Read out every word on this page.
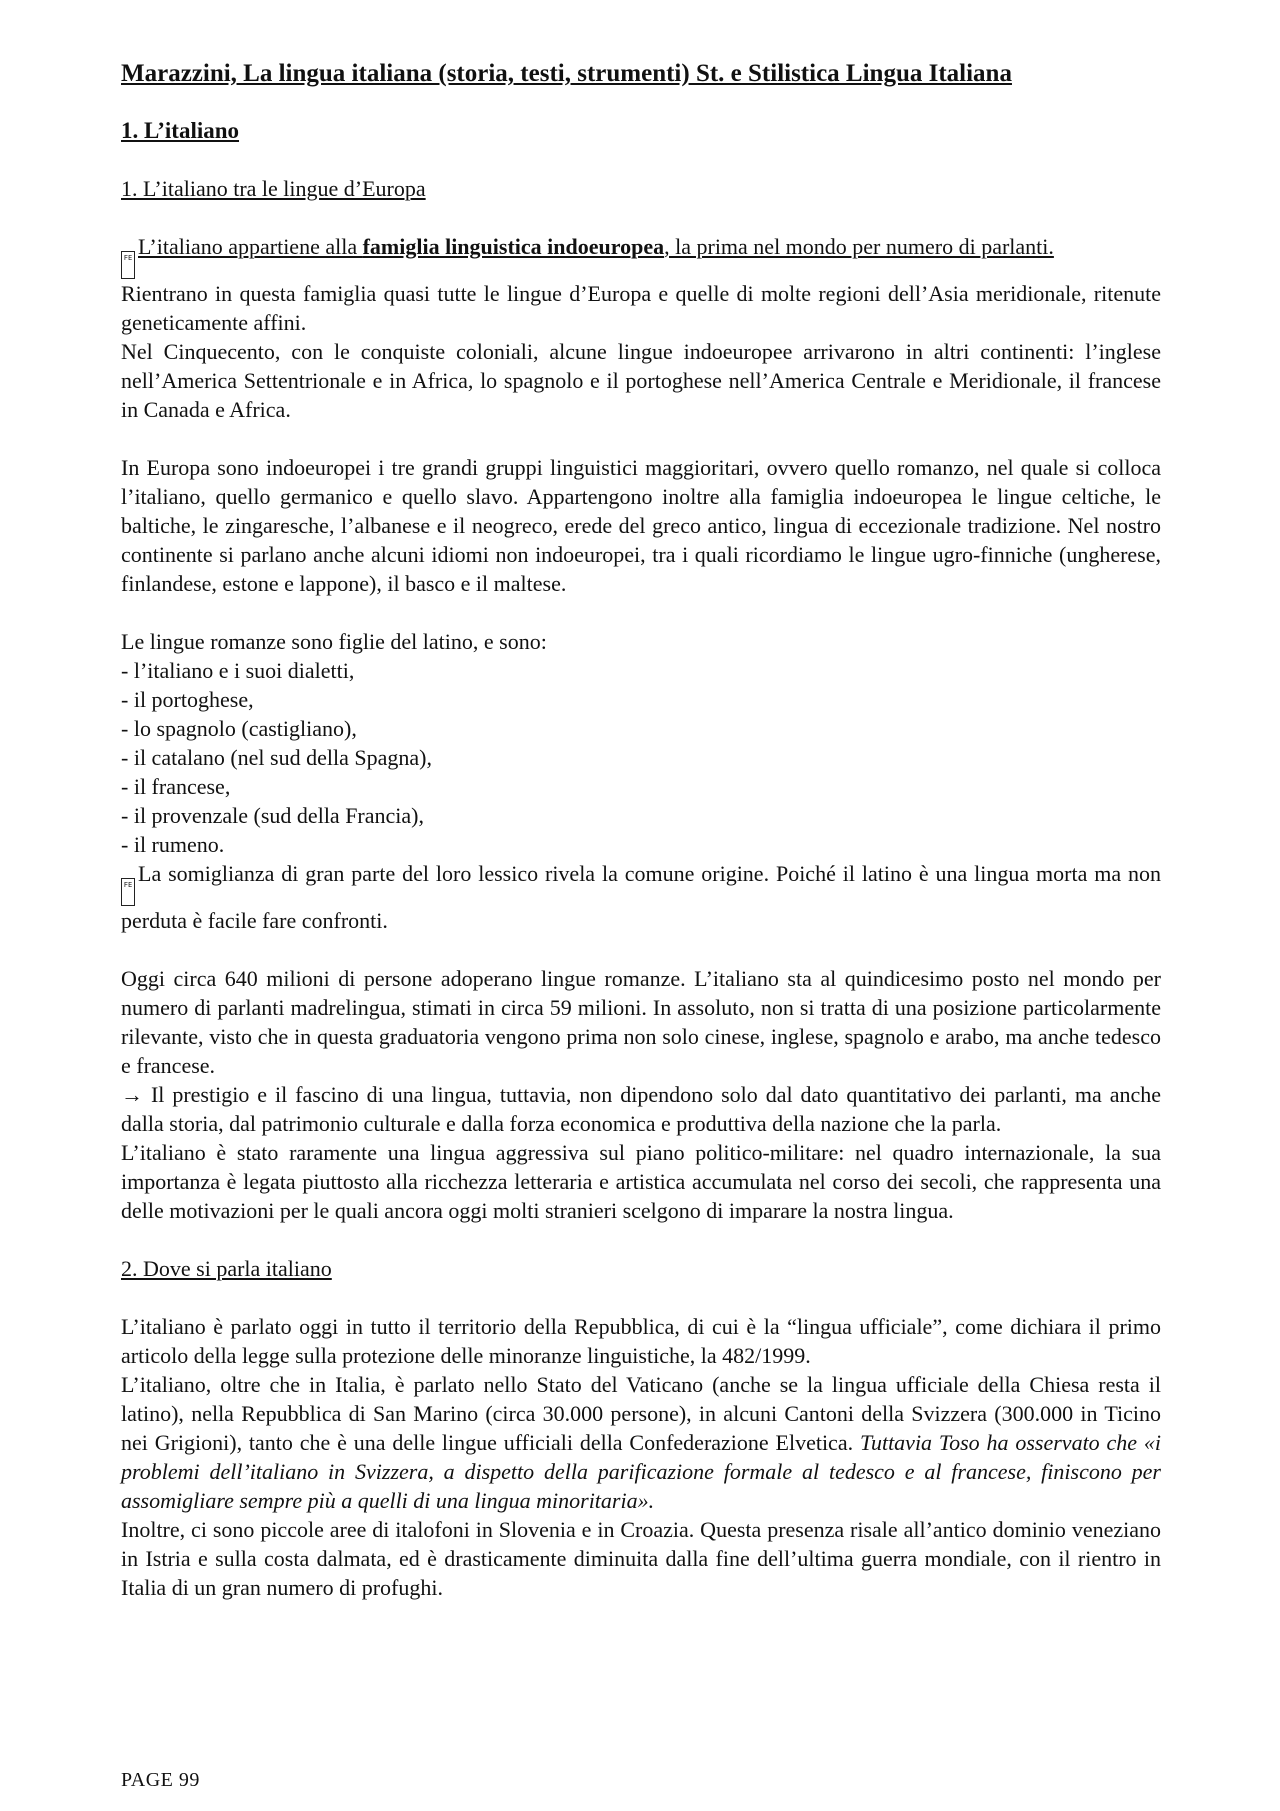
Marazzini, La lingua italiana (storia, testi, strumenti) St. e Stilistica Lingua Italiana
1. L’italiano
1. L’italiano tra le lingue d’Europa

FE L’italiano appartiene alla famiglia linguistica indoeuropea, la prima nel mondo per numero di parlanti.

Rientrano in questa famiglia quasi tutte le lingue d’Europa e quelle di molte regioni dell’Asia meridionale, ritenute geneticamente affini.

Nel Cinquecento, con le conquiste coloniali, alcune lingue indoeuropee arrivarono in altri continenti: l’inglese nell’America Settentrionale e in Africa, lo spagnolo e il portoghese nell’America Centrale e Meridionale, il francese in Canada e Africa.

In Europa sono indoeuropei i tre grandi gruppi linguistici maggioritari, ovvero quello romanzo, nel quale si colloca l’italiano, quello germanico e quello slavo. Appartengono inoltre alla famiglia indoeuropea le lingue celtiche, le baltiche, le zingaresche, l’albanese e il neogreco, erede del greco antico, lingua di eccezionale tradizione. Nel nostro continente si parlano anche alcuni idiomi non indoeuropei, tra i quali ricordiamo le lingue ugro-finniche (ungherese, finlandese, estone e lappone), il basco e il maltese.

Le lingue romanze sono figlie del latino, e sono:

- l’italiano e i suoi dialetti,
- il portoghese,
- lo spagnolo (castigliano),
- il catalano (nel sud della Spagna),
- il francese,
- il provenzale (sud della Francia),
- il rumeno.

FE La somiglianza di gran parte del loro lessico rivela la comune origine. Poiché il latino è una lingua morta ma non perduta è facile fare confronti.

Oggi circa 640 milioni di persone adoperano lingue romanze. L’italiano sta al quindicesimo posto nel mondo per numero di parlanti madrelingua, stimati in circa 59 milioni. In assoluto, non si tratta di una posizione particolarmente rilevante, visto che in questa graduatoria vengono prima non solo cinese, inglese, spagnolo e arabo, ma anche tedesco e francese.

→ Il prestigio e il fascino di una lingua, tuttavia, non dipendono solo dal dato quantitativo dei parlanti, ma anche dalla storia, dal patrimonio culturale e dalla forza economica e produttiva della nazione che la parla.

L’italiano è stato raramente una lingua aggressiva sul piano politico-militare: nel quadro internazionale, la sua importanza è legata piuttosto alla ricchezza letteraria e artistica accumulata nel corso dei secoli, che rappresenta una delle motivazioni per le quali ancora oggi molti stranieri scelgono di imparare la nostra lingua.

2. Dove si parla italiano

L’italiano è parlato oggi in tutto il territorio della Repubblica, di cui è la “lingua ufficiale”, come dichiara il primo articolo della legge sulla protezione delle minoranze linguistiche, la 482/1999.

L’italiano, oltre che in Italia, è parlato nello Stato del Vaticano (anche se la lingua ufficiale della Chiesa resta il latino), nella Repubblica di San Marino (circa 30.000 persone), in alcuni Cantoni della Svizzera (300.000 in Ticino nei Grigioni), tanto che è una delle lingue ufficiali della Confederazione Elvetica. Tuttavia Toso ha osservato che «i problemi dell’italiano in Svizzera, a dispetto della parificazione formale al tedesco e al francese, finiscono per assomigliare sempre più a quelli di una lingua minoritaria».

Inoltre, ci sono piccole aree di italofoni in Slovenia e in Croazia. Questa presenza risale all’antico dominio veneziano in Istria e sulla costa dalmata, ed è drasticamente diminuita dalla fine dell’ultima guerra mondiale, con il rientro in Italia di un gran numero di profughi.

PAGE 99
